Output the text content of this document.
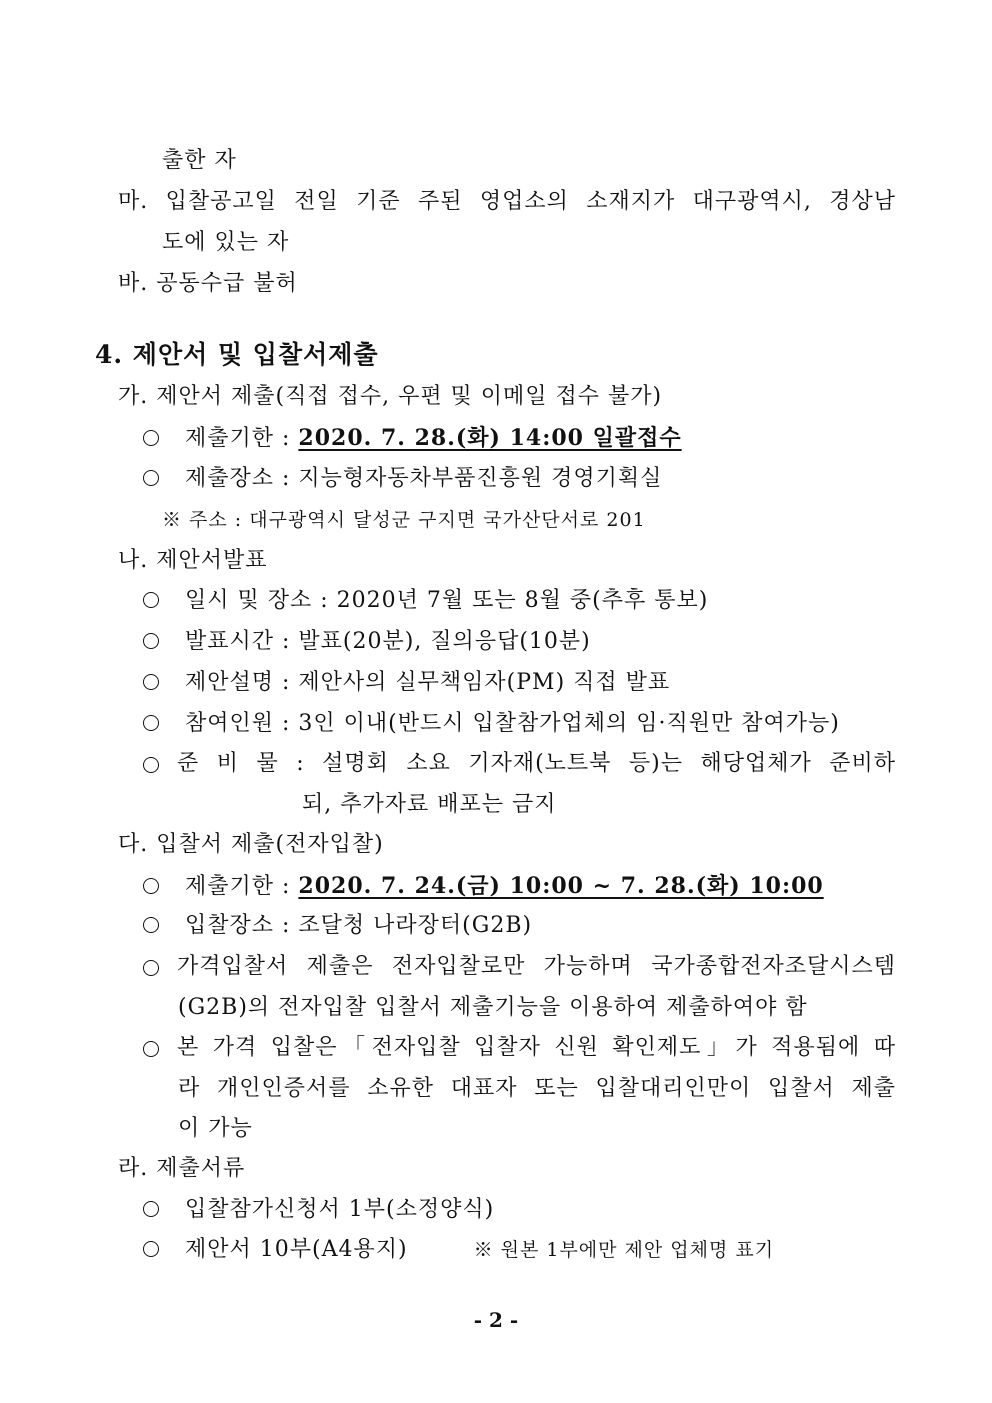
출한 자
마. 입찰공고일 전일 기준 주된 영업소의 소재지가 대구광역시, 경상남
도에 있는 자
바. 공동수급 불허
4. 제안서 및 입찰서제출
가. 제안서 제출(직접 접수, 우편 및 이메일 접수 불가)
제출기한 : 2020. 7. 28.(화) 14:00 일괄접수
제출장소 : 지능형자동차부품진흥원 경영기획실
※ 주소 : 대구광역시 달성군 구지면 국가산단서로 201
나. 제안서발표
일시 및 장소 : 2020년 7월 또는 8월 중(추후 통보)
발표시간 : 발표(20분), 질의응답(10분)
제안설명 : 제안사의 실무책임자(PM) 직접 발표
참여인원 : 3인 이내(반드시 입찰참가업체의 임·직원만 참여가능)
준 비 물 : 설명회 소요 기자재(노트북 등)는 해당업체가 준비하
되, 추가자료 배포는 금지
다. 입찰서 제출(전자입찰)
제출기한 : 2020. 7. 24.(금) 10:00 ~ 7. 28.(화) 10:00
입찰장소 : 조달청 나라장터(G2B)
가격입찰서 제출은 전자입찰로만 가능하며 국가종합전자조달시스템
(G2B)의 전자입찰 입찰서 제출기능을 이용하여 제출하여야 함
본 가격 입찰은「전자입찰 입찰자 신원 확인제도」가 적용됨에 따
라 개인인증서를 소유한 대표자 또는 입찰대리인만이 입찰서 제출
이 가능
라. 제출서류
입찰참가신청서 1부(소정양식)
제안서 10부(A4용지)	※ 원본 1부에만 제안 업체명 표기
- 2 -
